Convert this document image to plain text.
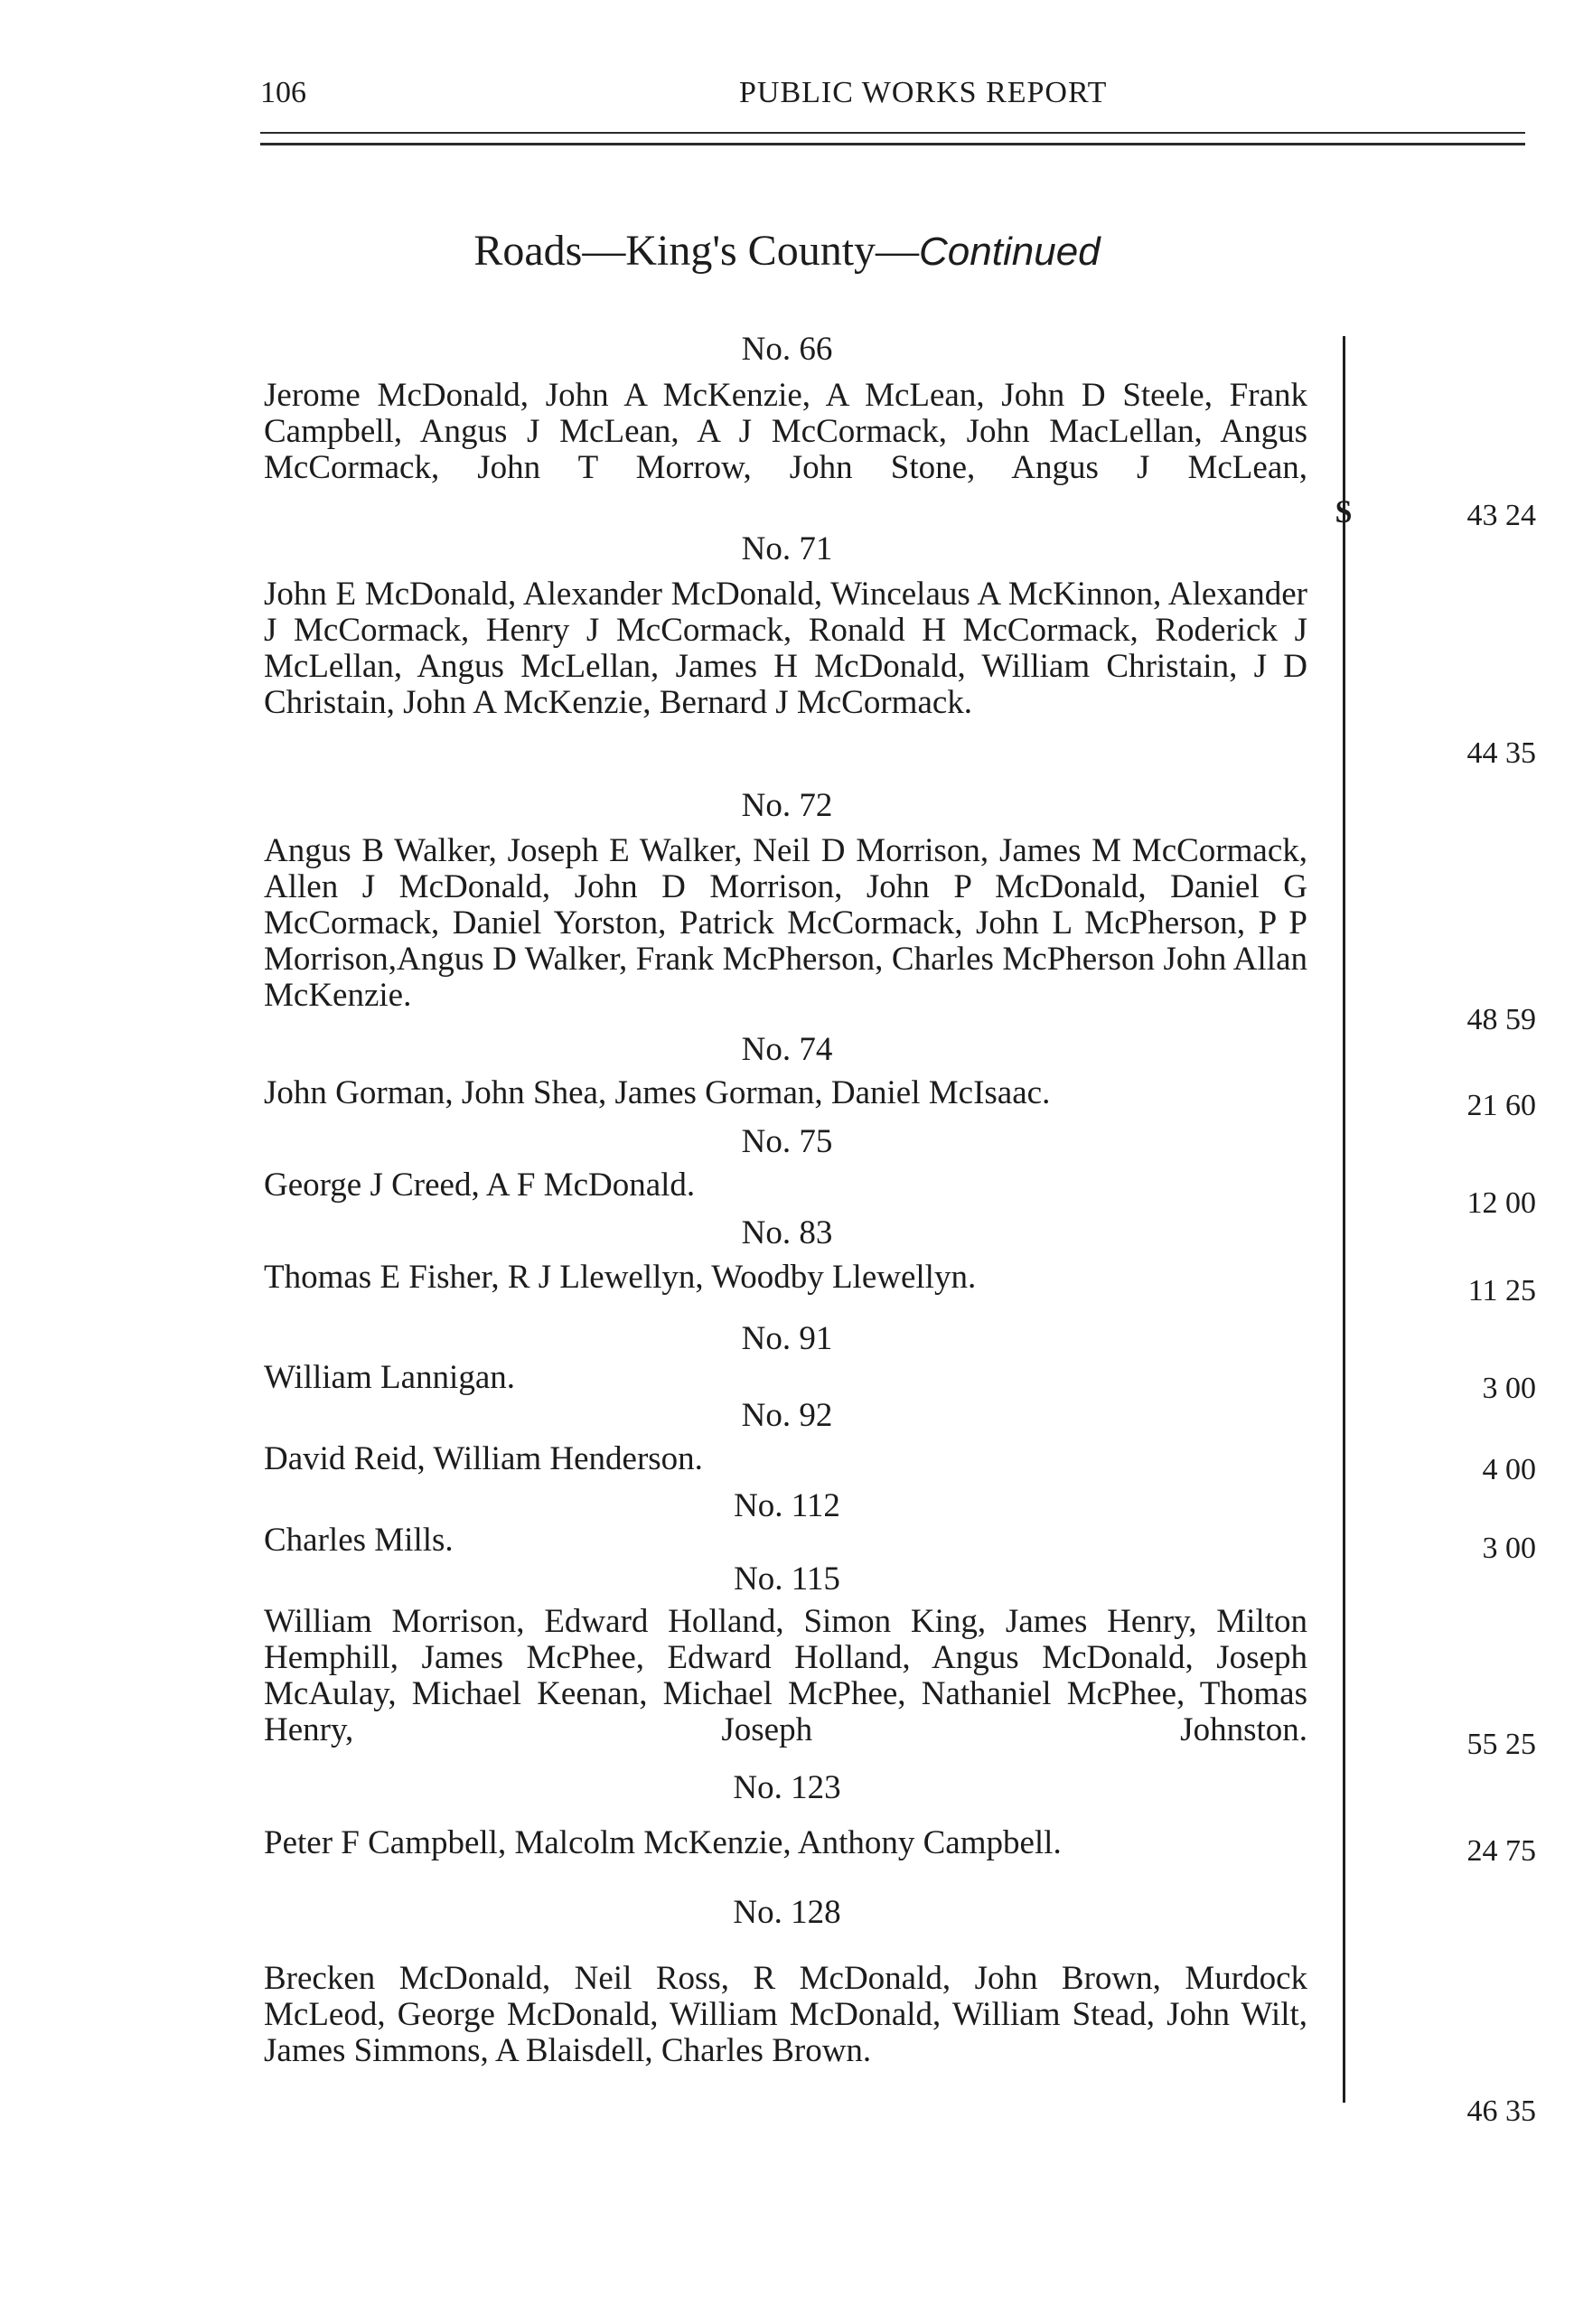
106	PUBLIC WORKS REPORT
Roads—King's County—Continued
$
No. 66
Jerome McDonald, John A McKenzie, A McLean, John D Steele, Frank Campbell, Angus J McLean, A J McCormack, John MacLellan, Angus McCormack, John T Morrow, John Stone, Angus J McLean,
43 24
No. 71
John E McDonald, Alexander McDonald, Wincelaus A McKinnon, Alexander J McCormack, Henry J McCormack, Ronald H McCormack, Roderick J McLellan, Angus McLellan, James H McDonald, William Christain, J D Christain, John A McKenzie, Bernard J McCormack.
44 35
No. 72
Angus B Walker, Joseph E Walker, Neil D Morrison, James M McCormack, Allen J McDonald, John D Morrison, John P McDonald, Daniel G McCormack, Daniel Yorston, Patrick McCormack, John L McPherson, P P Morrison,Angus D Walker, Frank McPherson, Charles McPherson John Allan McKenzie.
48 59
No. 74
John Gorman, John Shea, James Gorman, Daniel McIsaac.	21 60
No. 75
George J Creed, A F McDonald.	12 00
No. 83
Thomas E Fisher, R J Llewellyn, Woodby Llewellyn.	11 25
No. 91
William Lannigan.	3 00
No. 92
David Reid, William Henderson.	4 00
No. 112
Charles Mills.	3 00
No. 115
William Morrison, Edward Holland, Simon King, James Henry, Milton Hemphill, James McPhee, Edward Holland, Angus McDonald, Joseph McAulay, Michael Keenan, Michael McPhee, Nathaniel McPhee, Thomas Henry, Joseph Johnston.	55 25
No. 123
Peter F Campbell, Malcolm McKenzie, Anthony Campbell.	24 75
No. 128
Brecken McDonald, Neil Ross, R McDonald, John Brown, Murdock McLeod, George McDonald, William McDonald, William Stead, John Wilt, James Simmons, A Blaisdell, Charles Brown.
46 35
